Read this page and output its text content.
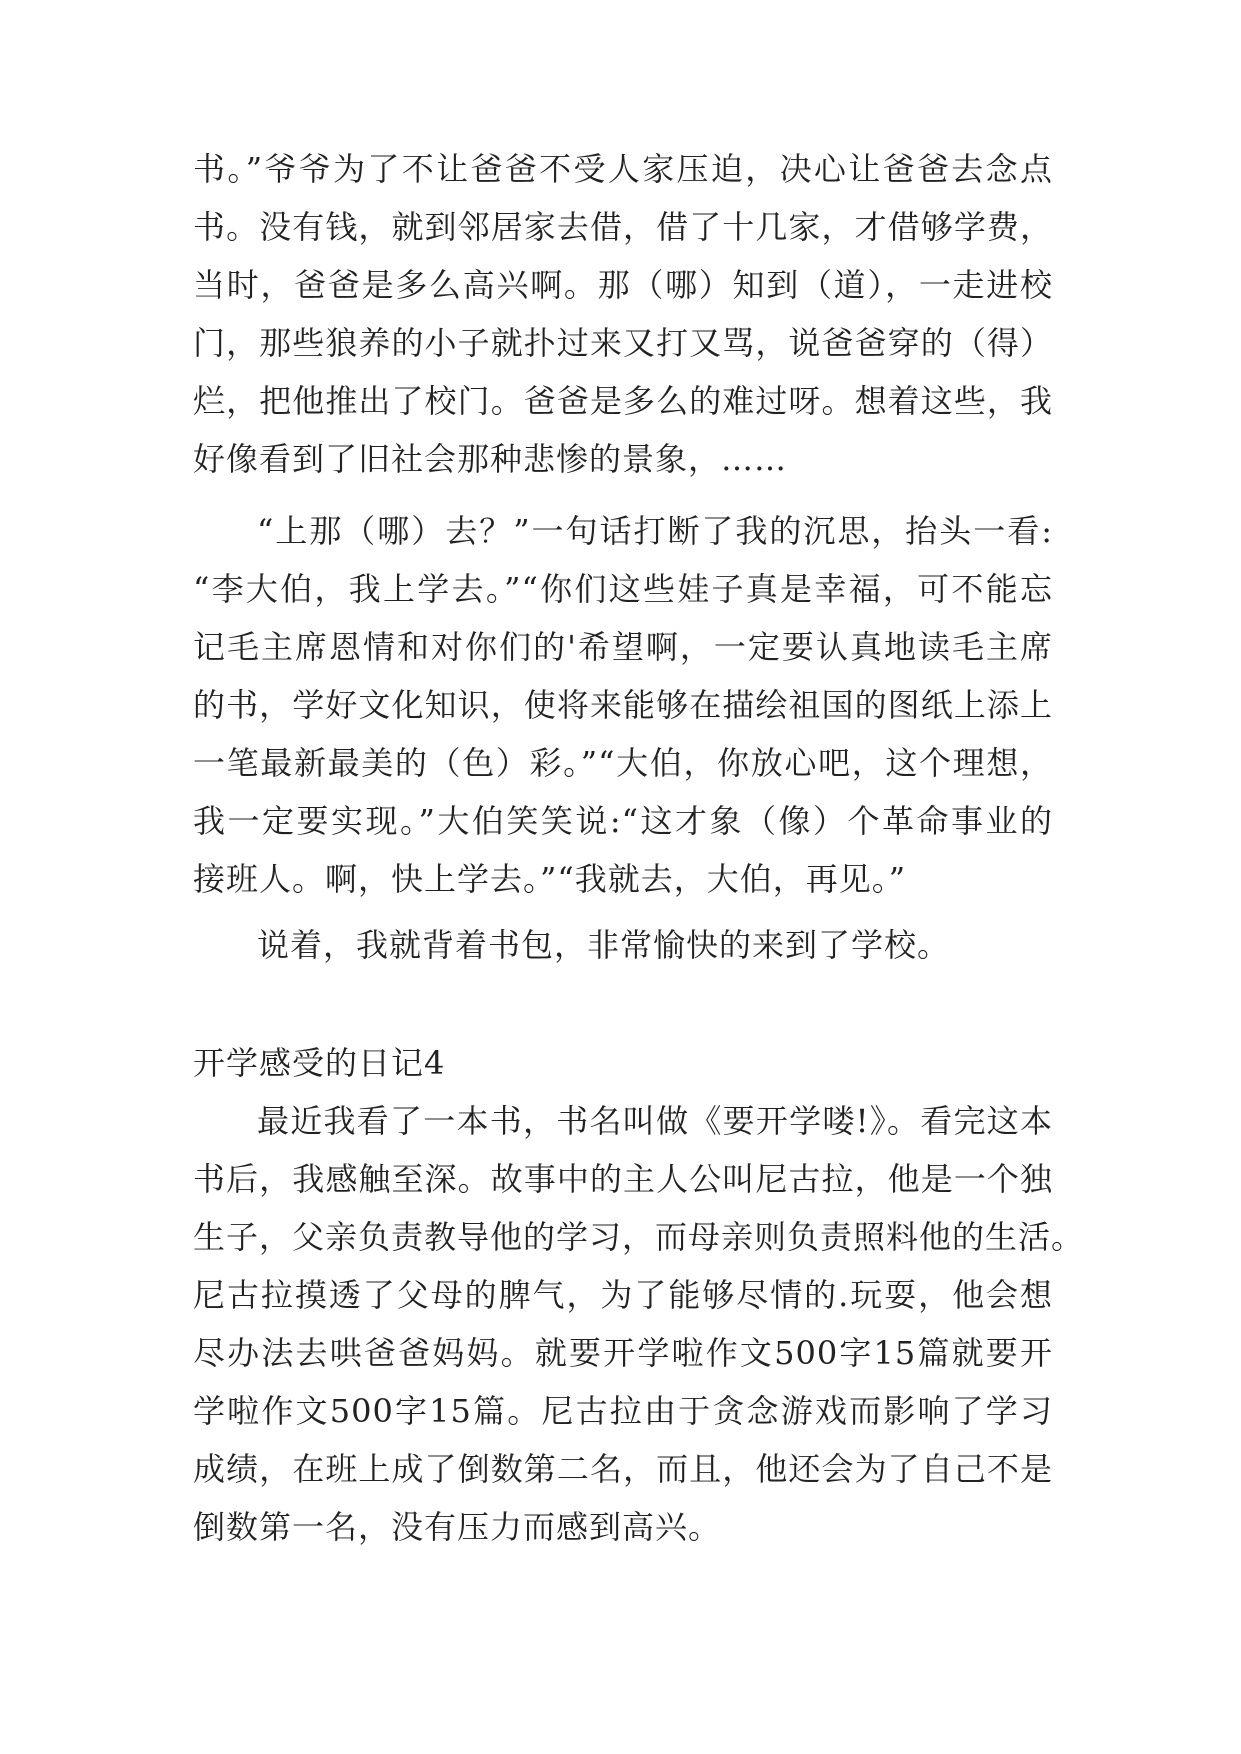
书。”爷爷为了不让爸爸不受人家压迫，决心让爸爸去念点
书。没有钱，就到邻居家去借，借了十几家，才借够学费，
当时，爸爸是多么高兴啊。那（哪）知到（道），一走进校
门，那些狼养的小子就扑过来又打又骂，说爸爸穿的（得）
烂，把他推出了校门。爸爸是多么的难过呀。想着这些，我
好像看到了旧社会那种悲惨的景象，……
“上那（哪）去？”一句话打断了我的沉思，抬头一看:
“李大伯，我上学去。”“你们这些娃子真是幸福，可不能忘
记毛主席恩情和对你们的'希望啊，一定要认真地读毛主席
的书，学好文化知识，使将来能够在描绘祖国的图纸上添上
一笔最新最美的（色）彩。”“大伯，你放心吧，这个理想，
我一定要实现。”大伯笑笑说:“这才象（像）个革命事业的
接班人。啊，快上学去。”“我就去，大伯，再见。”
说着，我就背着书包，非常愉快的来到了学校。
开学感受的日记4
最近我看了一本书，书名叫做《要开学喽!》。看完这本
书后，我感触至深。故事中的主人公叫尼古拉，他是一个独
生子，父亲负责教导他的学习，而母亲则负责照料他的生活。
尼古拉摸透了父母的脾气，为了能够尽情的.玩耍，他会想
尽办法去哄爸爸妈妈。就要开学啦作文500字15篇就要开
学啦作文500字15篇。尼古拉由于贪念游戏而影响了学习
成绩，在班上成了倒数第二名，而且，他还会为了自己不是
倒数第一名，没有压力而感到高兴。
